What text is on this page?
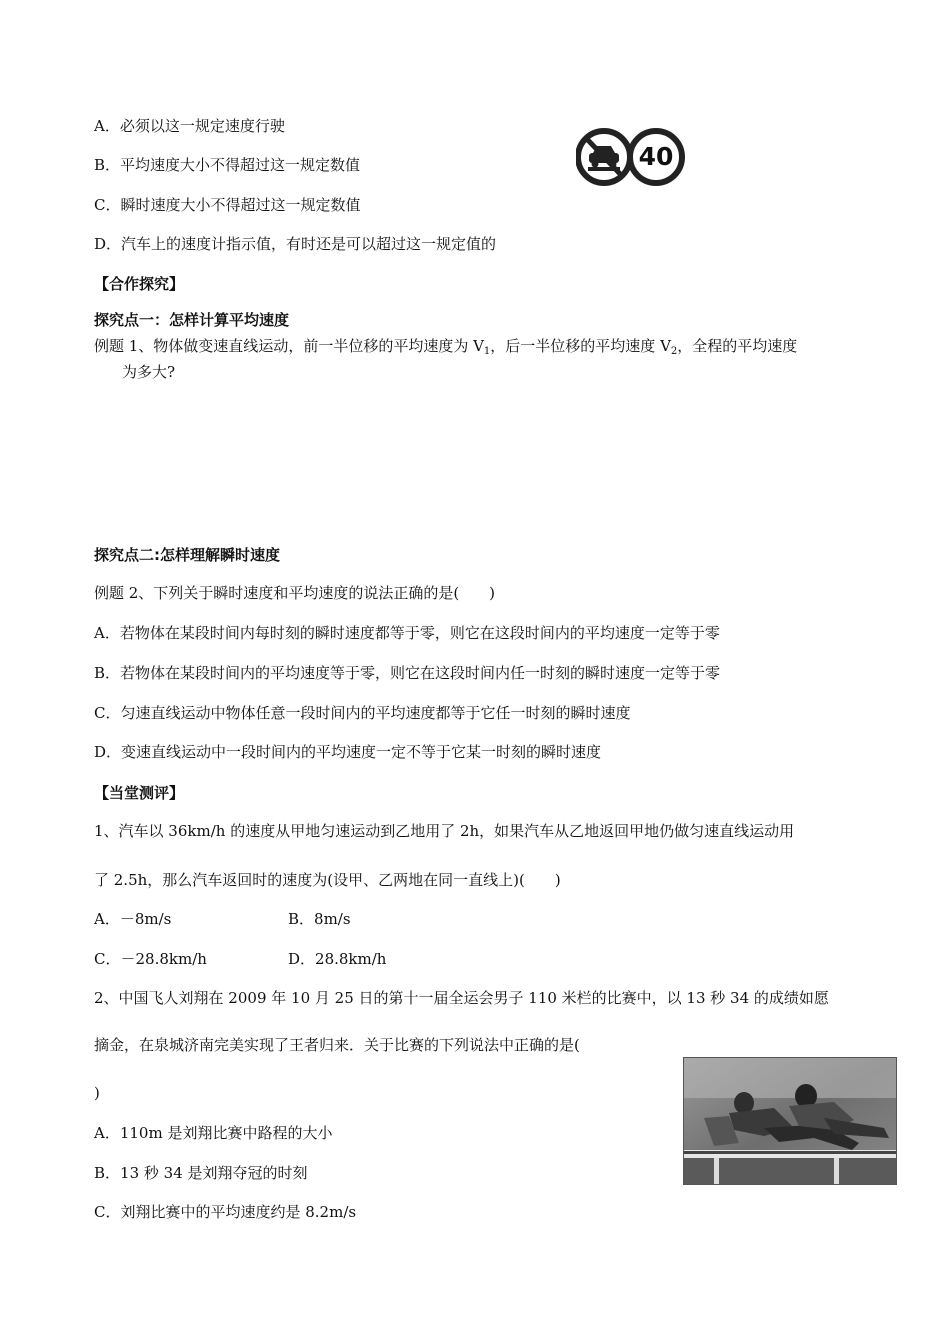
A．必须以这一规定速度行驶
B．平均速度大小不得超过这一规定数值
C．瞬时速度大小不得超过这一规定数值
D．汽车上的速度计指示值，有时还是可以超过这一规定值的
40
【合作探究】
探究点一：怎样计算平均速度
例题 1、物体做变速直线运动，前一半位移的平均速度为 $V_1$，后一半位移的平均速度 $V_2$，全程的平均速度
为多大?
探究点二:怎样理解瞬时速度
例题 2、下列关于瞬时速度和平均速度的说法正确的是(　　)
A．若物体在某段时间内每时刻的瞬时速度都等于零，则它在这段时间内的平均速度一定等于零
B．若物体在某段时间内的平均速度等于零，则它在这段时间内任一时刻的瞬时速度一定等于零
C．匀速直线运动中物体任意一段时间内的平均速度都等于它任一时刻的瞬时速度
D．变速直线运动中一段时间内的平均速度一定不等于它某一时刻的瞬时速度
【当堂测评】
1、汽车以 36km/h 的速度从甲地匀速运动到乙地用了 2h，如果汽车从乙地返回甲地仍做匀速直线运动用
了 2.5h，那么汽车返回时的速度为(设甲、乙两地在同一直线上)(　　)
A．－8m/s	B．8m/s
C．－28.8km/h	D．28.8km/h
2、中国飞人刘翔在 2009 年 10 月 25 日的第十一届全运会男子 110 米栏的比赛中，以 13 秒 34 的成绩如愿
摘金，在泉城济南完美实现了王者归来．关于比赛的下列说法中正确的是(
)
A．110m 是刘翔比赛中路程的大小
B．13 秒 34 是刘翔夺冠的时刻
C．刘翔比赛中的平均速度约是 8.2m/s
